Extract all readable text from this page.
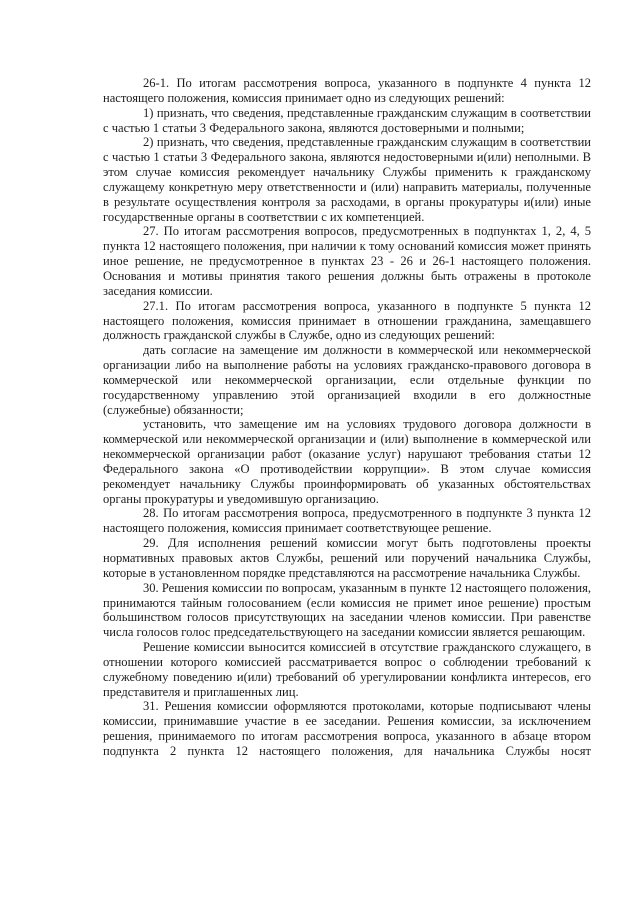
26-1. По итогам рассмотрения вопроса, указанного в подпункте 4 пункта 12 настоящего положения, комиссия принимает одно из следующих решений:

1) признать, что сведения, представленные гражданским служащим в соответствии с частью 1 статьи 3 Федерального закона, являются достоверными и полными;

2) признать, что сведения, представленные гражданским служащим в соответствии с частью 1 статьи 3 Федерального закона, являются недостоверными и(или) неполными. В этом случае комиссия рекомендует начальнику Службы применить к гражданскому служащему конкретную меру ответственности и (или) направить материалы, полученные в результате осуществления контроля за расходами, в органы прокуратуры и(или) иные государственные органы в соответствии с их компетенцией.

27. По итогам рассмотрения вопросов, предусмотренных в подпунктах 1, 2, 4, 5 пункта 12 настоящего положения, при наличии к тому оснований комиссия может принять иное решение, не предусмотренное в пунктах 23 - 26 и 26-1 настоящего положения. Основания и мотивы принятия такого решения должны быть отражены в протоколе заседания комиссии.

27.1. По итогам рассмотрения вопроса, указанного в подпункте 5 пункта 12 настоящего положения, комиссия принимает в отношении гражданина, замещавшего должность гражданской службы в Службе, одно из следующих решений:

дать согласие на замещение им должности в коммерческой или некоммерческой организации либо на выполнение работы на условиях гражданско-правового договора в коммерческой или некоммерческой организации, если отдельные функции по государственному управлению этой организацией входили в его должностные (служебные) обязанности;

установить, что замещение им на условиях трудового договора должности в коммерческой или некоммерческой организации и (или) выполнение в коммерческой или некоммерческой организации работ (оказание услуг) нарушают требования статьи 12 Федерального закона «О противодействии коррупции». В этом случае комиссия рекомендует начальнику Службы проинформировать об указанных обстоятельствах органы прокуратуры и уведомившую организацию.

28. По итогам рассмотрения вопроса, предусмотренного в подпункте 3 пункта 12 настоящего положения, комиссия принимает соответствующее решение.

29. Для исполнения решений комиссии могут быть подготовлены проекты нормативных правовых актов Службы, решений или поручений начальника Службы, которые в установленном порядке представляются на рассмотрение начальника Службы.

30. Решения комиссии по вопросам, указанным в пункте 12 настоящего положения, принимаются тайным голосованием (если комиссия не примет иное решение) простым большинством голосов присутствующих на заседании членов комиссии. При равенстве числа голосов голос председательствующего на заседании комиссии является решающим.

Решение комиссии выносится комиссией в отсутствие гражданского служащего, в отношении которого комиссией рассматривается вопрос о соблюдении требований к служебному поведению и(или) требований об урегулировании конфликта интересов, его представителя и приглашенных лиц.

31. Решения комиссии оформляются протоколами, которые подписывают члены комиссии, принимавшие участие в ее заседании. Решения комиссии, за исключением решения, принимаемого по итогам рассмотрения вопроса, указанного в абзаце втором подпункта 2 пункта 12 настоящего положения, для начальника Службы носят
